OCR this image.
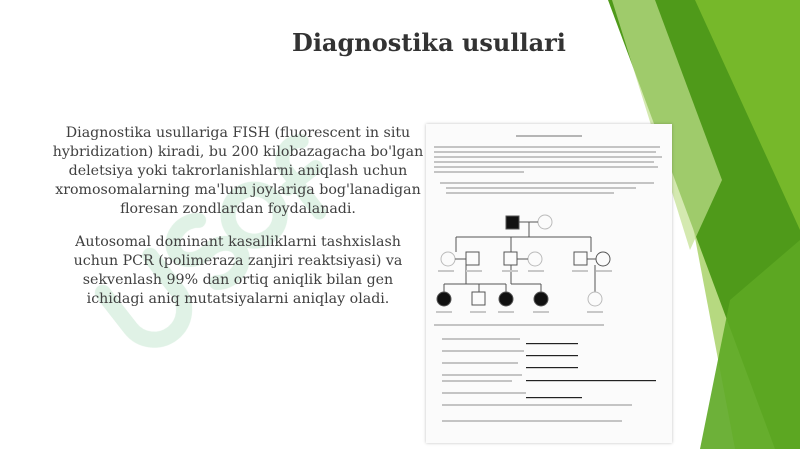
Diagnostika usullari

Diagnostika usullariga FISH (fluorescent in situ hybridization) kiradi, bu 200 kilobazagacha bo'lgan deletsiya yoki takrorlanishlarni aniqlash uchun xromosomalarning ma'lum joylariga bog'lanadigan floresan zondlardan foydalanadi.

Autosomal dominant kasalliklarni tashxislash uchun PCR (polimeraza zanjiri reaktsiyasi) va sekvenlash 99% dan ortiq aniqlik bilan gen ichidagi aniq mutatsiyalarni aniqlay oladi.
